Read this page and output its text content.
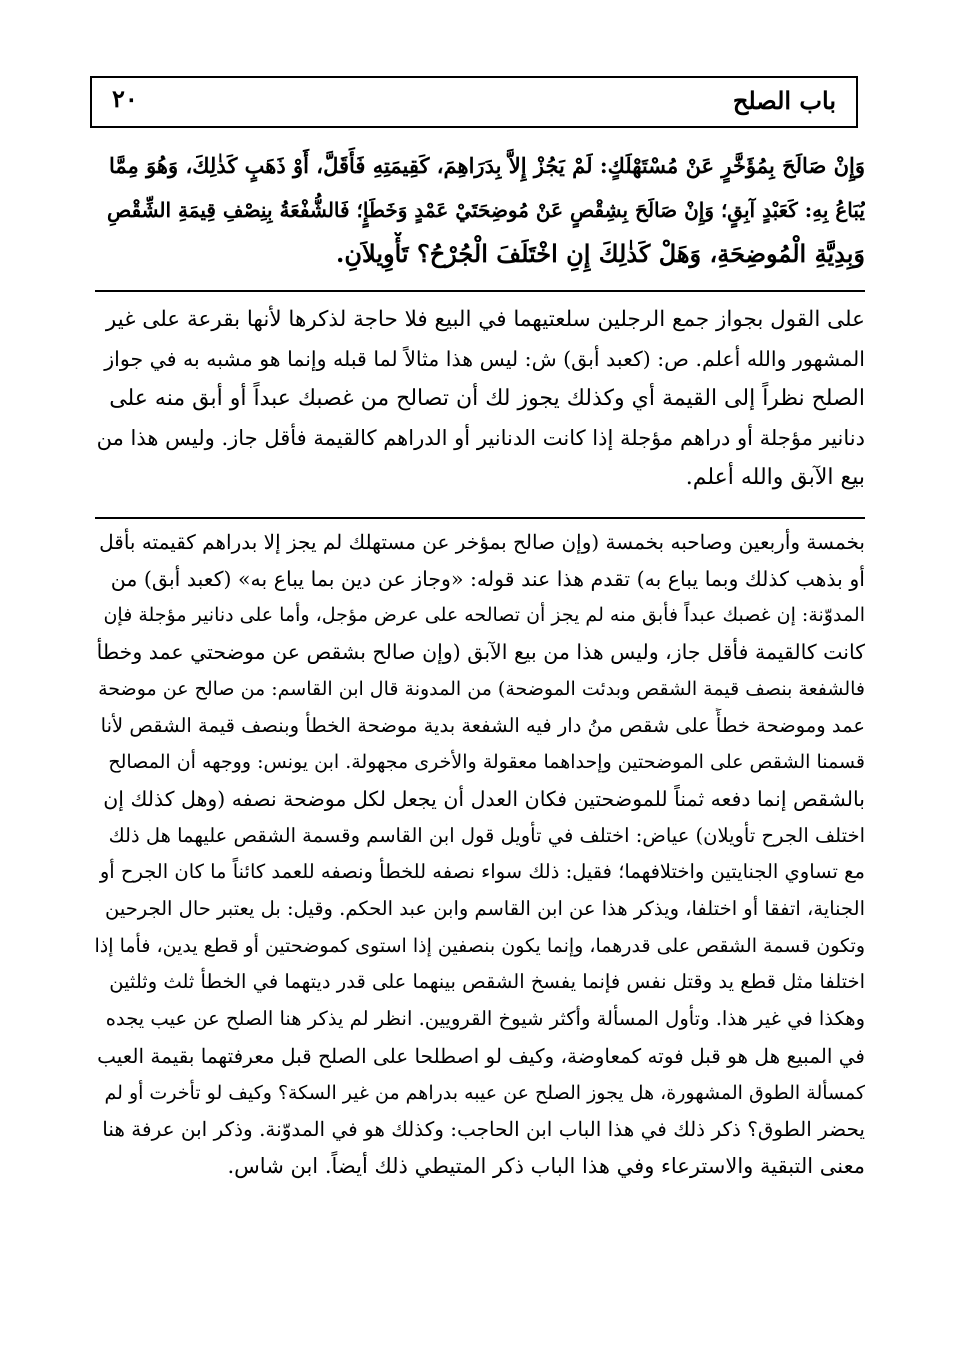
باب الصلح
٢٠
وَإِنْ صَالَحَ بِمُؤَخَّرٍ عَنْ مُسْتَهْلَكٍ: لَمْ يَجُزْ إِلاَّ بِدَرَاهِمَ، كَقِيمَتِهِ فَأَقَلَّ، أَوْ ذَهَبٍ كَذٰلِكَ، وَهُوَ مِمَّا
يُبَاعُ بِهِ: كَعَبْدٍ آبِقٍ؛ وَإِنْ صَالَحَ بِشِقْصٍ عَنْ مُوضِحَتَيْ عَمْدٍ وَخَطَإٍ؛ فَالشُّفْعَةُ بِنِصْفِ قِيمَةِ الشِّقْصِ
وَبِدِيَّةِ الْمُوضِحَةِ، وَهَلْ كَذٰلِكَ إِنِ اخْتَلَفَ الْجُرْحُ؟ تَأْوِيلاَنِ.
على القول بجواز جمع الرجلين سلعتيهما في البيع فلا حاجة لذكرها لأنها بقرعة على غير
المشهور والله أعلم. ص: (كعبد أبق) ش: ليس هذا مثالاً لما قبله وإنما هو مشبه به في جواز
الصلح نظراً إلى القيمة أي وكذلك يجوز لك أن تصالح من غصبك عبداً أو أبق منه على
دنانير مؤجلة أو دراهم مؤجلة إذا كانت الدنانير أو الدراهم كالقيمة فأقل جاز. وليس هذا من
بيع الآبق والله أعلم.
بخمسة وأربعين وصاحبه بخمسة (وإن صالح بمؤخر عن مستهلك لم يجز إلا بدراهم كقيمته بأقل
أو بذهب كذلك وبما يباع به) تقدم هذا عند قوله: «وجاز عن دين بما يباع به» (كعبد أبق) من
المدوّنة: إن غصبك عبداً فأبق منه لم يجز أن تصالحه على عرض مؤجل، وأما على دنانير مؤجلة فإن
كانت كالقيمة فأقل جاز، وليس هذا من بيع الآبق (وإن صالح بشقص عن موضحتي عمد وخطأ
فالشفعة بنصف قيمة الشقص وبدئت الموضحة) من المدونة قال ابن القاسم: من صالح عن موضحة
عمد وموضحة خطأً على شقص منُ دار فيه الشفعة بدية موضحة الخطأ وبنصف قيمة الشقص لأنا
قسمنا الشقص على الموضحتين وإحداهما معقولة والأخرى مجهولة. ابن يونس: ووجهه أن المصالح
بالشقص إنما دفعه ثمناً للموضحتين فكان العدل أن يجعل لكل موضحة نصفه (وهل كذلك إن
اختلف الجرح تأويلان) عياض: اختلف في تأويل قول ابن القاسم وقسمة الشقص عليهما هل ذلك
مع تساوي الجنايتين واختلافهما؛ فقيل: ذلك سواء نصفه للخطأ ونصفه للعمد كائناً ما كان الجرح أو
الجناية، اتفقا أو اختلفا، ويذكر هذا عن ابن القاسم وابن عبد الحكم. وقيل: بل يعتبر حال الجرحين
وتكون قسمة الشقص على قدرهما، وإنما يكون بنصفين إذا استوى كموضحتين أو قطع يدين، فأما إذا
اختلفا مثل قطع يد وقتل نفس فإنما يفسخ الشقص بينهما على قدر ديتهما في الخطأ ثلث وثلثين
وهكذا في غير هذا. وتأول المسألة وأكثر شيوخ القرويين. انظر لم يذكر هنا الصلح عن عيب يجده
في المبيع هل هو قبل فوته كمعاوضة، وكيف لو اصطلحا على الصلح قبل معرفتهما بقيمة العيب
كمسألة الطوق المشهورة، هل يجوز الصلح عن عيبه بدراهم من غير السكة؟ وكيف لو تأخرت أو لم
يحضر الطوق؟ ذكر ذلك في هذا الباب ابن الحاجب: وكذلك هو في المدوّنة. وذكر ابن عرفة هنا
معنى التبقية والاسترعاء وفي هذا الباب ذكر المتيطي ذلك أيضاً. ابن شاس.
